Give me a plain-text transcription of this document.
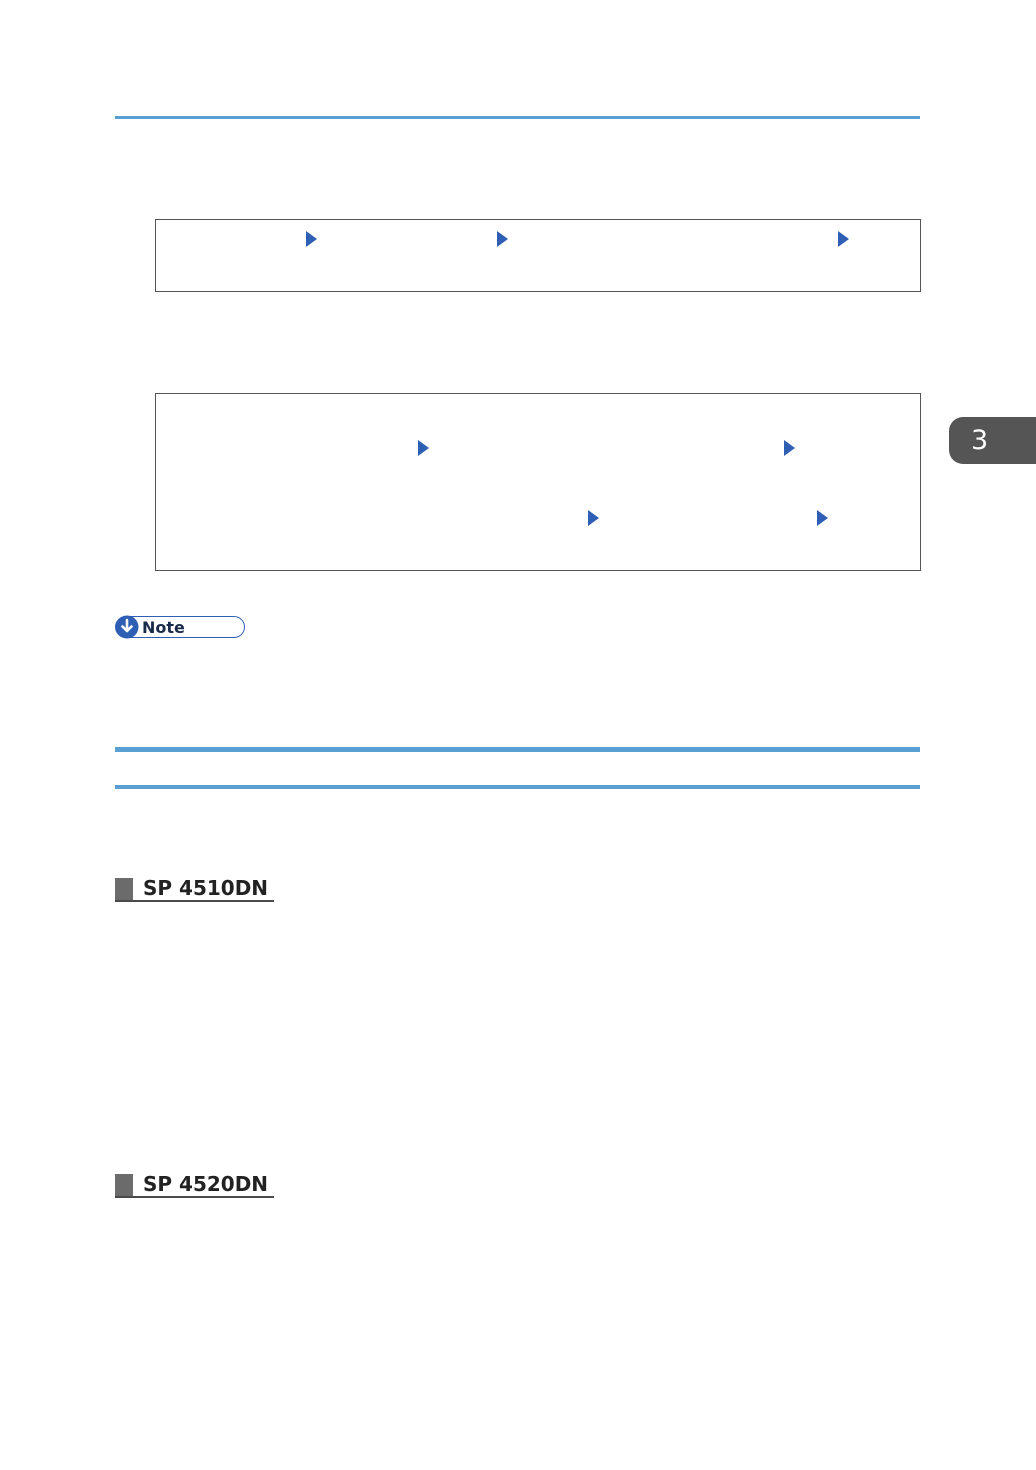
3
Note
SP 4510DN
SP 4520DN
